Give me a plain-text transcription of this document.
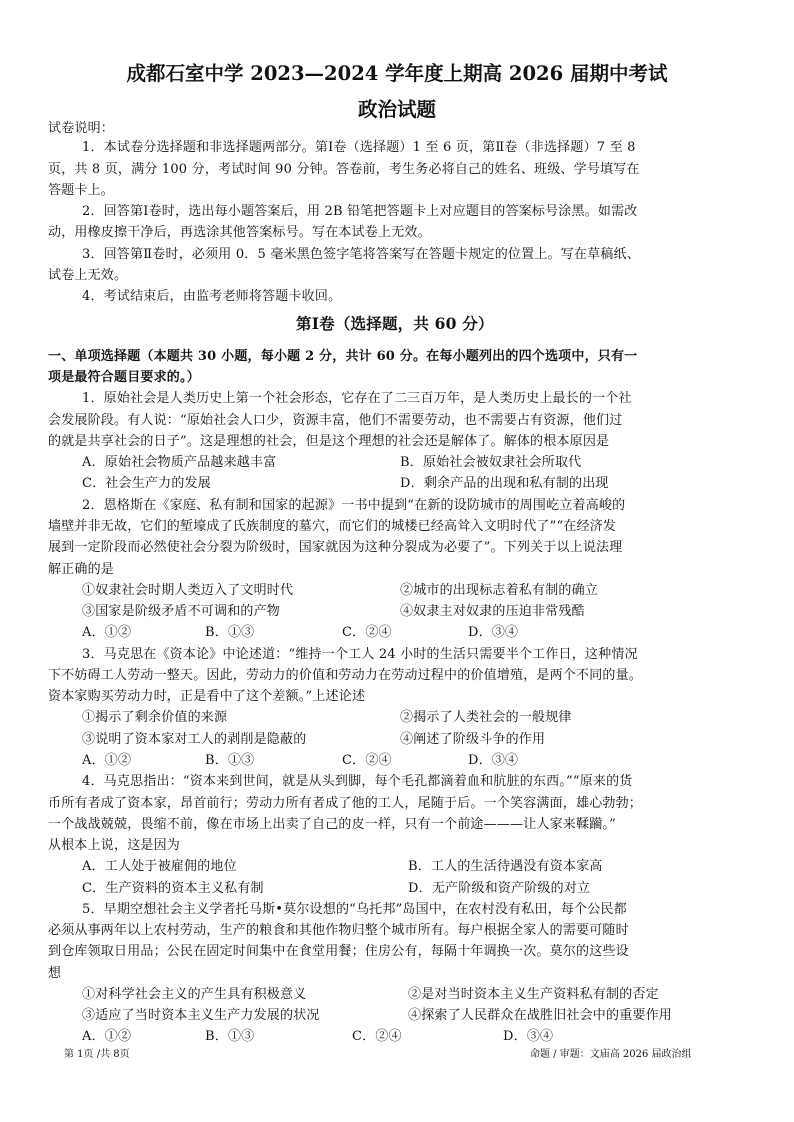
成都石室中学 2023—2024 学年度上期高 2026 届期中考试
政治试题
试卷说明：
1．本试卷分选择题和非选择题两部分。第Ⅰ卷（选择题）1 至 6 页，第Ⅱ卷（非选择题）7 至 8
页，共 8 页，满分 100 分，考试时间 90 分钟。答卷前，考生务必将自己的姓名、班级、学号填写在
答题卡上。
2．回答第Ⅰ卷时，选出每小题答案后，用 2B 铅笔把答题卡上对应题目的答案标号涂黑。如需改
动，用橡皮擦干净后，再选涂其他答案标号。写在本试卷上无效。
3．回答第Ⅱ卷时，必须用 0．5 毫米黑色签字笔将答案写在答题卡规定的位置上。写在草稿纸、
试卷上无效。
4．考试结束后，由监考老师将答题卡收回。
第Ⅰ卷（选择题，共 60 分）
一、单项选择题（本题共 30 小题，每小题 2 分，共计 60 分。在每小题列出的四个选项中，只有一
项是最符合题目要求的。）
1．原始社会是人类历史上第一个社会形态，它存在了二三百万年，是人类历史上最长的一个社
会发展阶段。有人说：“原始社会人口少，资源丰富，他们不需要劳动，也不需要占有资源，他们过
的就是共享社会的日子”。这是理想的社会，但是这个理想的社会还是解体了。解体的根本原因是
A．原始社会物质产品越来越丰富	B．原始社会被奴隶社会所取代
C．社会生产力的发展	D．剩余产品的出现和私有制的出现
2．恩格斯在《家庭、私有制和国家的起源》一书中提到“在新的设防城市的周围屹立着高峻的
墙壁并非无故，它们的堑壕成了氏族制度的墓穴，而它们的城楼已经高耸入文明时代了”“在经济发
展到一定阶段而必然使社会分裂为阶级时，国家就因为这种分裂成为必要了”。下列关于以上说法理
解正确的是
①奴隶社会时期人类迈入了文明时代	②城市的出现标志着私有制的确立
③国家是阶级矛盾不可调和的产物	④奴隶主对奴隶的压迫非常残酷
A．①②	B．①③	C．②④	D．③④
3．马克思在《资本论》中论述道：“维持一个工人 24 小时的生活只需要半个工作日，这种情况
下不妨碍工人劳动一整天。因此，劳动力的价值和劳动力在劳动过程中的价值增殖，是两个不同的量。
资本家购买劳动力时，正是看中了这个差额。”上述论述
①揭示了剩余价值的来源	②揭示了人类社会的一般规律
③说明了资本家对工人的剥削是隐蔽的	④阐述了阶级斗争的作用
A．①②	B．①③	C．②④	D．③④
4．马克思指出：“资本来到世间，就是从头到脚，每个毛孔都滴着血和肮脏的东西。”“原来的货
币所有者成了资本家，昂首前行；劳动力所有者成了他的工人，尾随于后。一个笑容满面，雄心勃勃；
一个战战兢兢，畏缩不前，像在市场上出卖了自己的皮一样，只有一个前途———让人家来鞣躏。”
从根本上说，这是因为
A．工人处于被雇佣的地位	B．工人的生活待遇没有资本家高
C．生产资料的资本主义私有制	D．无产阶级和资产阶级的对立
5．早期空想社会主义学者托马斯•莫尔设想的“乌托邦”岛国中，在农村没有私田，每个公民都
必须从事两年以上农村劳动，生产的粮食和其他作物归整个城市所有。每户根据全家人的需要可随时
到仓库领取日用品；公民在固定时间集中在食堂用餐；住房公有，每隔十年调换一次。莫尔的这些设
想
①对科学社会主义的产生具有积极意义	②是对当时资本主义生产资料私有制的否定
③适应了当时资本主义生产力发展的状况	④探索了人民群众在战胜旧社会中的重要作用
A．①②	B．①③	C．②④	D．③④
第 1页 /共 8页	命题 / 审题：文庙高 2026 届政治组
